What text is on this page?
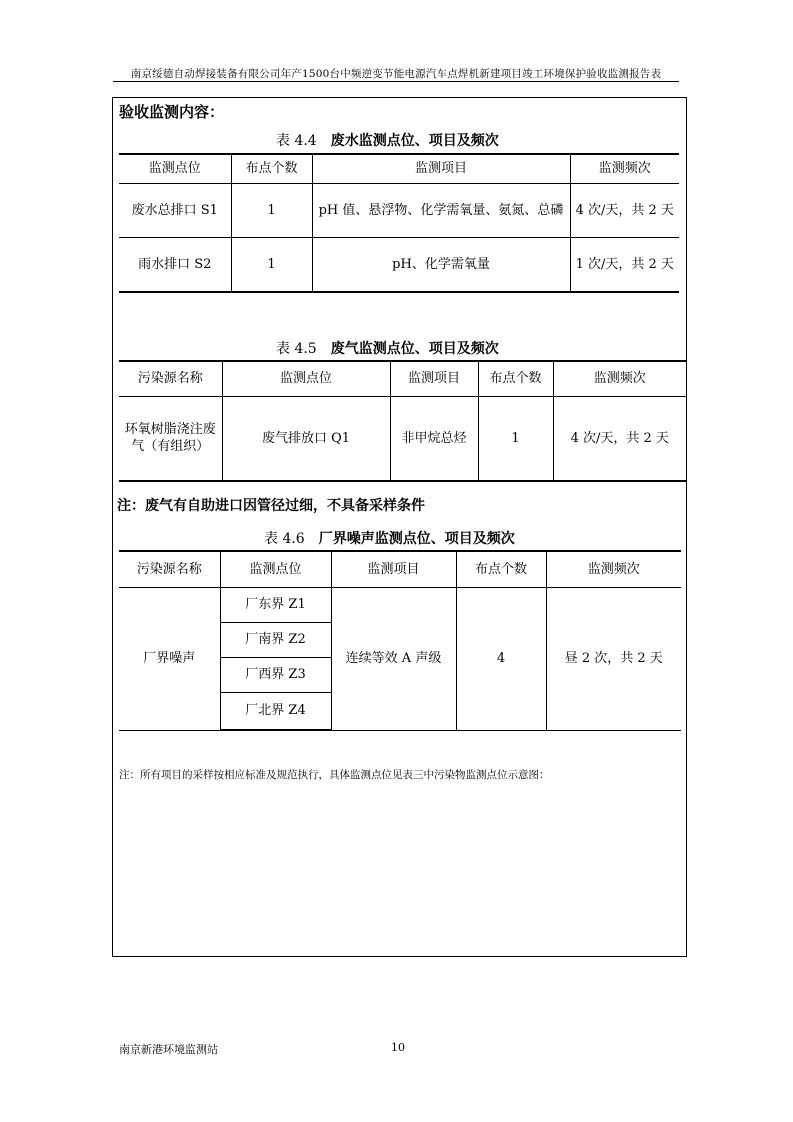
南京绥德自动焊接装备有限公司年产1500台中频逆变节能电源汽车点焊机新建项目竣工环境保护验收监测报告表
验收监测内容：
表 4.4 废水监测点位、项目及频次
监测点位	布点个数	监测项目	监测频次
废水总排口 S1	1	pH 值、悬浮物、化学需氧量、氨氮、总磷	4 次/天，共 2 天
雨水排口 S2	1	pH、化学需氧量	1 次/天，共 2 天
表 4.5 废气监测点位、项目及频次
污染源名称	监测点位	监测项目	布点个数	监测频次
环氧树脂浇注废气（有组织）	废气排放口 Q1	非甲烷总烃	1	4 次/天，共 2 天
注：废气有自助进口因管径过细，不具备采样条件
表 4.6 厂界噪声监测点位、项目及频次
污染源名称	监测点位	监测项目	布点个数	监测频次
厂界噪声	厂东界 Z1	连续等效 A 声级	4	昼 2 次，共 2 天
	厂南界 Z2			
	厂西界 Z3			
	厂北界 Z4			
注：所有项目的采样按相应标准及规范执行，具体监测点位见表三中污染物监测点位示意图：
南京新港环境监测站	10
